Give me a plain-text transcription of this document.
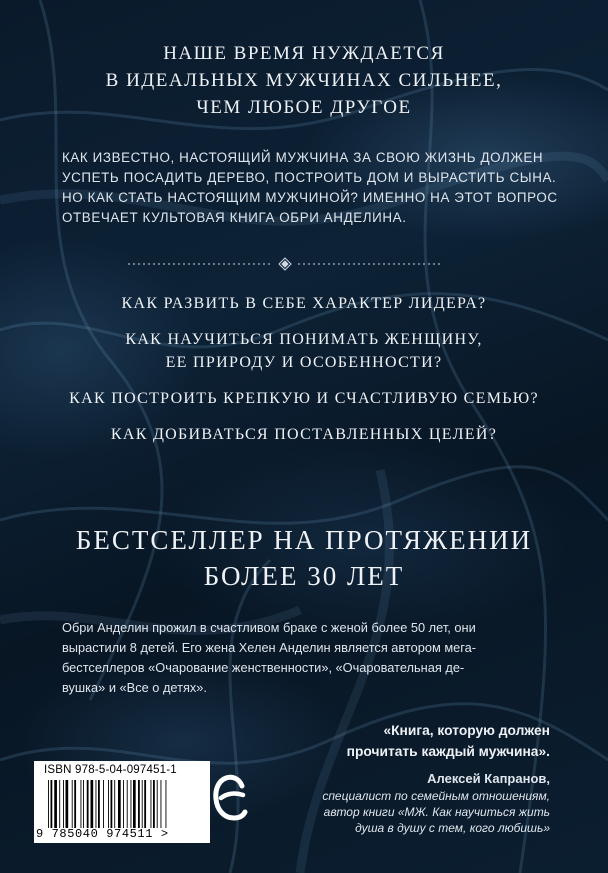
НАШЕ ВРЕМЯ НУЖДАЕТСЯ
В ИДЕАЛЬНЫХ МУЖЧИНАХ СИЛЬНЕЕ,
ЧЕМ ЛЮБОЕ ДРУГОЕ
КАК ИЗВЕСТНО, НАСТОЯЩИЙ МУЖЧИНА ЗА СВОЮ ЖИЗНЬ ДОЛЖЕН
УСПЕТЬ ПОСАДИТЬ ДЕРЕВО, ПОСТРОИТЬ ДОМ И ВЫРАСТИТЬ СЫНА.
НО КАК СТАТЬ НАСТОЯЩИМ МУЖЧИНОЙ? ИМЕННО НА ЭТОТ ВОПРОС
ОТВЕЧАЕТ КУЛЬТОВАЯ КНИГА ОБРИ АНДЕЛИНА.
КАК РАЗВИТЬ В СЕБЕ ХАРАКТЕР ЛИДЕРА?
КАК НАУЧИТЬСЯ ПОНИМАТЬ ЖЕНЩИНУ,
ЕЕ ПРИРОДУ И ОСОБЕННОСТИ?
КАК ПОСТРОИТЬ КРЕПКУЮ И СЧАСТЛИВУЮ СЕМЬЮ?
КАК ДОБИВАТЬСЯ ПОСТАВЛЕННЫХ ЦЕЛЕЙ?
БЕСТСЕЛЛЕР НА ПРОТЯЖЕНИИ
БОЛЕЕ 30 ЛЕТ
Обри Анделин прожил в счастливом браке с женой более 50 лет, они
вырастили 8 детей. Его жена Хелен Анделин является автором мега-
бестселлеров «Очарование женственности», «Очаровательная де-
вушка» и «Все о детях».
«Книга, которую должен
прочитать каждый мужчина».
Алексей Капранов,
специалист по семейным отношениям,
автор книги «МЖ. Как научиться жить
душа в душу с тем, кого любишь»
ISBN 978-5-04-097451-1
9 785040 974511 >
